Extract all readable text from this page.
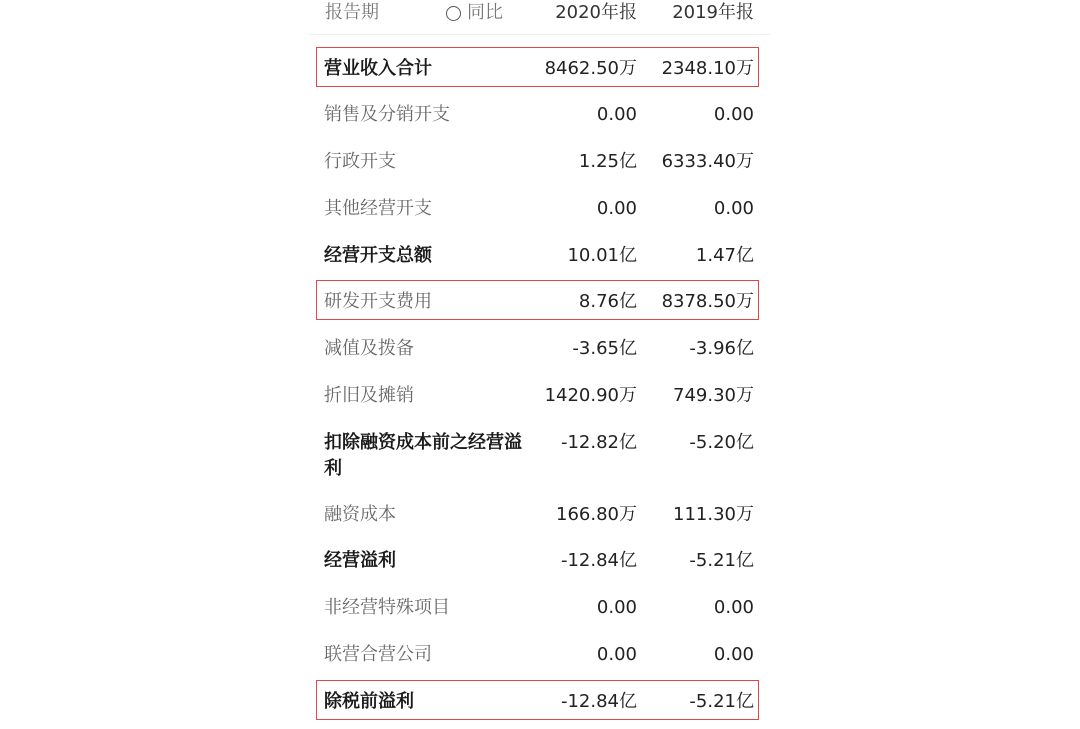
报告期	同比	2020年报 2019年报
营业收入合计	8462.50万 2348.10万
销售及分销开支	0.00	0.00
行政开支	1.25亿 6333.40万
其他经营开支	0.00	0.00
经营开支总额	10.01亿	1.47亿
研发开支费用	8.76亿 8378.50万
减值及拨备	-3.65亿	-3.96亿
折旧及摊销	1420.90万 749.30万
扣除融资成本前之经营溢利
-12.82亿	-5.20亿
融资成本	166.80万 111.30万
经营溢利	-12.84亿	-5.21亿
非经营特殊项目	0.00	0.00
联营合营公司	0.00	0.00
除税前溢利	-12.84亿	-5.21亿
